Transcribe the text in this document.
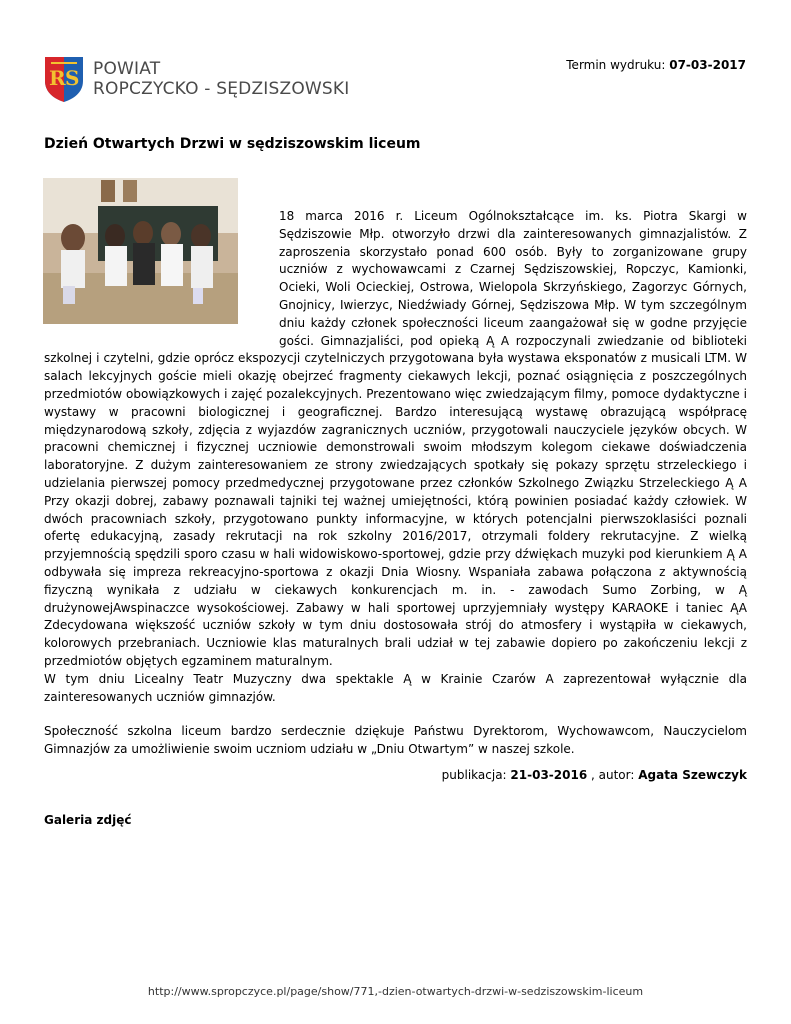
R S POWIAT
ROPCZYCKO - SĘDZISZOWSKI
Termin wydruku: 07-03-2017
Dzień Otwartych Drzwi w sędziszowskim liceum

18 marca 2016 r. Liceum Ogólnokształcące im. ks. Piotra Skargi w Sędziszowie Młp. otworzyło drzwi dla zainteresowanych gimnazjalistów. Z zaproszenia skorzystało ponad 600 osób. Były to zorganizowane grupy uczniów z wychowawcami z Czarnej Sędziszowskiej, Ropczyc, Kamionki, Ocieki, Woli Ocieckiej, Ostrowa, Wielopola Skrzyńskiego, Zagorzyc Górnych, Gnojnicy, Iwierzyc, Niedźwiady Górnej, Sędziszowa Młp. W tym szczególnym dniu każdy członek społeczności liceum zaangażował się w godne przyjęcie gości. Gimnazjaliści, pod opieką Ą A rozpoczynali zwiedzanie od biblioteki szkolnej i czytelni, gdzie oprócz ekspozycji czytelniczych przygotowana była wystawa eksponatów z musicali LTM. W salach lekcyjnych goście mieli okazję obejrzeć fragmenty ciekawych lekcji, poznać osiągnięcia z poszczególnych przedmiotów obowiązkowych i zajęć pozalekcyjnych. Prezentowano więc zwiedzającym filmy, pomoce dydaktyczne i wystawy w pracowni biologicznej i geograficznej. Bardzo interesującą wystawę obrazującą współpracę międzynarodową szkoły, zdjęcia z wyjazdów zagranicznych uczniów, przygotowali nauczyciele języków obcych. W pracowni chemicznej i fizycznej uczniowie demonstrowali swoim młodszym kolegom ciekawe doświadczenia laboratoryjne. Z dużym zainteresowaniem ze strony zwiedzających spotkały się pokazy sprzętu strzeleckiego i udzielania pierwszej pomocy przedmedycznej przygotowane przez członków Szkolnego Związku Strzeleckiego Ą A Przy okazji dobrej, zabawy poznawali tajniki tej ważnej umiejętności, którą powinien posiadać każdy człowiek. W dwóch pracowniach szkoły, przygotowano punkty informacyjne, w których potencjalni pierwszoklasiści poznali ofertę edukacyjną, zasady rekrutacji na rok szkolny 2016/2017, otrzymali foldery rekrutacyjne. Z wielką przyjemnością spędzili sporo czasu w hali widowiskowo-sportowej, gdzie przy dźwiękach muzyki pod kierunkiem Ą A odbywała się impreza rekreacyjno-sportowa z okazji Dnia Wiosny. Wspaniała zabawa połączona z aktywnością fizyczną wynikała z udziału w ciekawych konkurencjach m. in. - zawodach Sumo Zorbing, w Ą drużynowejAwspinaczce wysokościowej. Zabawy w hali sportowej uprzyjemniały występy KARAOKE i taniec ĄA Zdecydowana większość uczniów szkoły w tym dniu dostosowała strój do atmosfery i wystąpiła w ciekawych, kolorowych przebraniach. Uczniowie klas maturalnych brali udział w tej zabawie dopiero po zakończeniu lekcji z przedmiotów objętych egzaminem maturalnym.

W tym dniu Licealny Teatr Muzyczny dwa spektakle Ą w Krainie Czarów A zaprezentował wyłącznie dla zainteresowanych uczniów gimnazjów.

Społeczność szkolna liceum bardzo serdecznie dziękuje Państwu Dyrektorom, Wychowawcom, Nauczycielom Gimnazjów za umożliwienie swoim uczniom udziału w „Dniu Otwartym” w naszej szkole.

publikacja: 21-03-2016 , autor: Agata Szewczyk
Galeria zdjęć
http://www.spropczyce.pl/page/show/771,-dzien-otwartych-drzwi-w-sedziszowskim-liceum
